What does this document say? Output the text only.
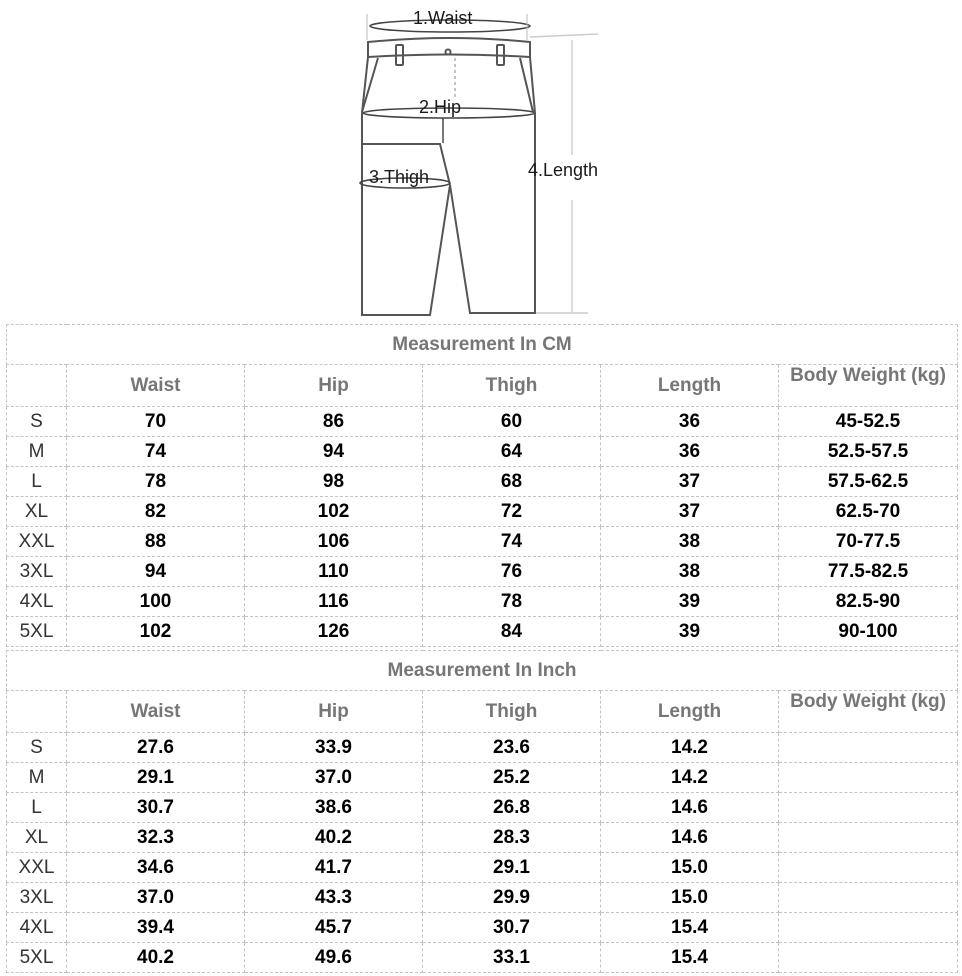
1.Waist
2.Hip
3.Thigh	4.Length
Measurement In CM					
	Waist	Hip	Thigh	Length	Body Weight (kg)
S	70	86	60	36	45-52.5
M	74	94	64	36	52.5-57.5
L	78	98	68	37	57.5-62.5
XL	82	102	72	37	62.5-70
XXL	88	106	74	38	70-77.5
3XL	94	110	76	38	77.5-82.5
4XL	100	116	78	39	82.5-90
5XL	102	126	84	39	90-100
Measurement In Inch					
	Waist	Hip	Thigh	Length	Body Weight (kg)
S	27.6	33.9	23.6	14.2	
M	29.1	37.0	25.2	14.2	
L	30.7	38.6	26.8	14.6	
XL	32.3	40.2	28.3	14.6	
XXL	34.6	41.7	29.1	15.0	
3XL	37.0	43.3	29.9	15.0	
4XL	39.4	45.7	30.7	15.4	
5XL	40.2	49.6	33.1	15.4	
